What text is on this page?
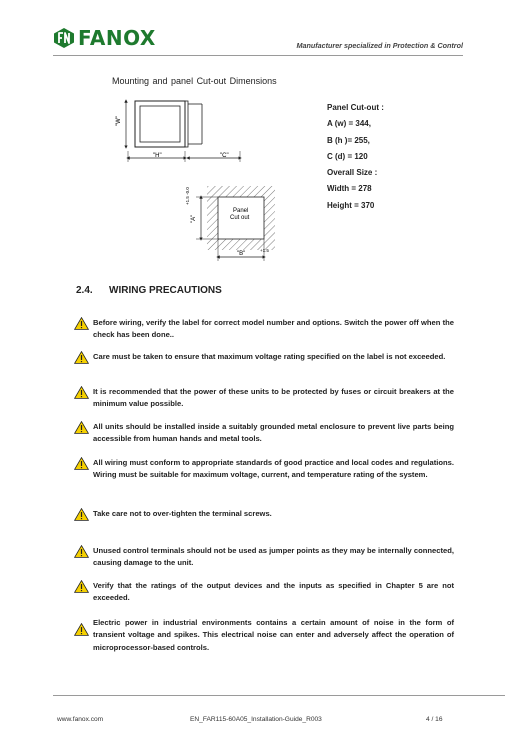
FANOX	Manufacturer specialized in Protection & Control
Mounting and panel Cut-out Dimensions
"W"
"H"	"C"
Panel
Cut out
"A"
+1.5 -0.0
"B"
+1.5
Panel Cut-out :
A (w) = 344,
B (h )= 255,
C (d) = 120
Overall Size :
Width = 278
Height = 370
2.4. WIRING PRECAUTIONS
Before wiring, verify the label for correct model number and options. Switch the power off when the check has been done..
Care must be taken to ensure that maximum voltage rating specified on the label is not exceeded.
It is recommended that the power of these units to be protected by fuses or circuit breakers at the minimum value possible.
All units should be installed inside a suitably grounded metal enclosure to prevent live parts being accessible from human hands and metal tools.
All wiring must conform to appropriate standards of good practice and local codes and regulations. Wiring must be suitable for maximum voltage, current, and temperature rating of the system.
Take care not to over-tighten the terminal screws.
Unused control terminals should not be used as jumper points as they may be internally connected, causing damage to the unit.
Verify that the ratings of the output devices and the inputs as specified in Chapter 5 are not exceeded.
Electric power in industrial environments contains a certain amount of noise in the form of transient voltage and spikes. This electrical noise can enter and adversely affect the operation of microprocessor-based controls.
www.fanox.com	EN_FAR115-60A05_Installation-Guide_R003	4 / 16
